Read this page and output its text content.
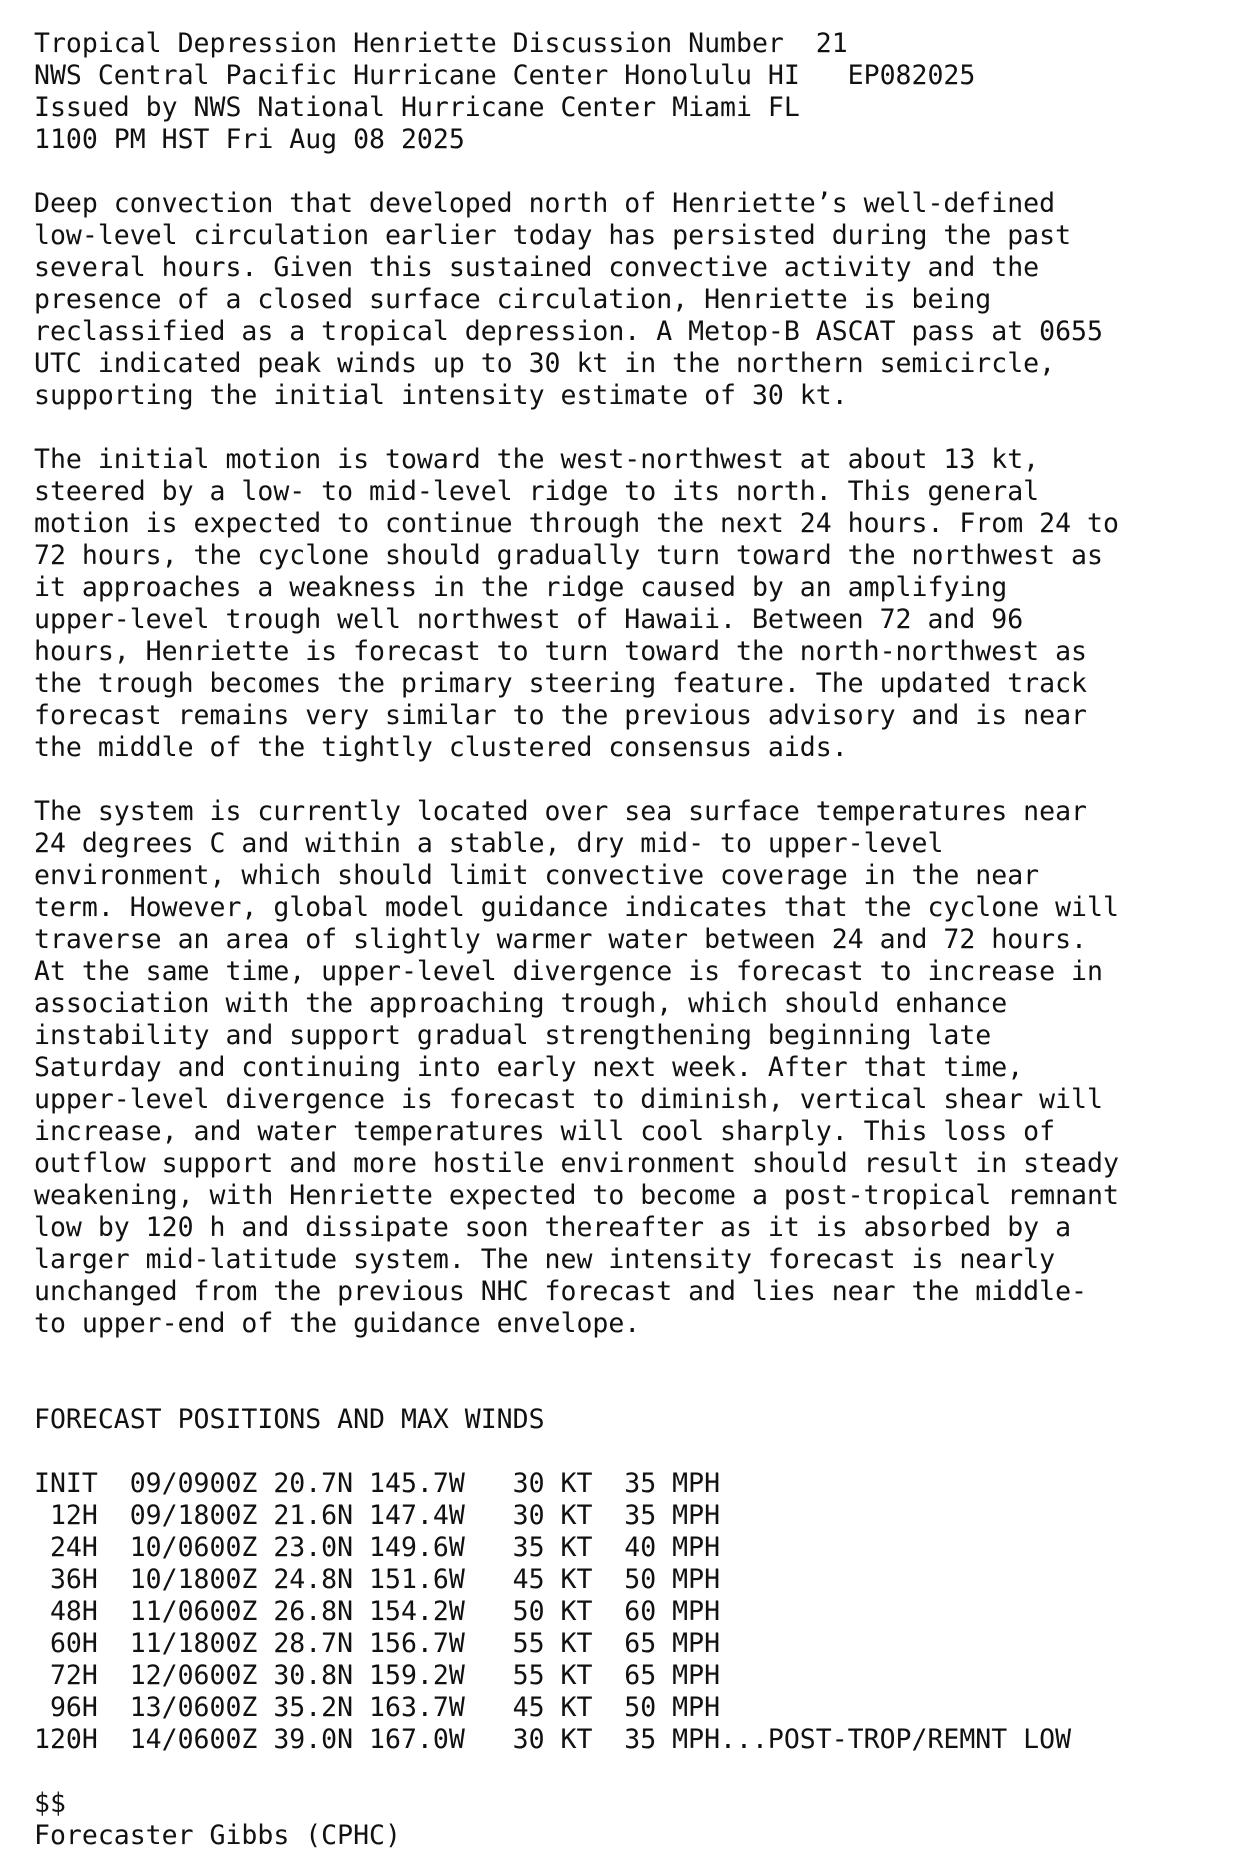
Tropical Depression Henriette Discussion Number  21
NWS Central Pacific Hurricane Center Honolulu HI   EP082025
Issued by NWS National Hurricane Center Miami FL
1100 PM HST Fri Aug 08 2025
Deep convection that developed north of Henriette’s well-defined
low-level circulation earlier today has persisted during the past
several hours. Given this sustained convective activity and the
presence of a closed surface circulation, Henriette is being
reclassified as a tropical depression. A Metop-B ASCAT pass at 0655
UTC indicated peak winds up to 30 kt in the northern semicircle,
supporting the initial intensity estimate of 30 kt.
The initial motion is toward the west-northwest at about 13 kt,
steered by a low- to mid-level ridge to its north. This general
motion is expected to continue through the next 24 hours. From 24 to
72 hours, the cyclone should gradually turn toward the northwest as
it approaches a weakness in the ridge caused by an amplifying
upper-level trough well northwest of Hawaii. Between 72 and 96
hours, Henriette is forecast to turn toward the north-northwest as
the trough becomes the primary steering feature. The updated track
forecast remains very similar to the previous advisory and is near
the middle of the tightly clustered consensus aids.
The system is currently located over sea surface temperatures near
24 degrees C and within a stable, dry mid- to upper-level
environment, which should limit convective coverage in the near
term. However, global model guidance indicates that the cyclone will
traverse an area of slightly warmer water between 24 and 72 hours.
At the same time, upper-level divergence is forecast to increase in
association with the approaching trough, which should enhance
instability and support gradual strengthening beginning late
Saturday and continuing into early next week. After that time,
upper-level divergence is forecast to diminish, vertical shear will
increase, and water temperatures will cool sharply. This loss of
outflow support and more hostile environment should result in steady
weakening, with Henriette expected to become a post-tropical remnant
low by 120 h and dissipate soon thereafter as it is absorbed by a
larger mid-latitude system. The new intensity forecast is nearly
unchanged from the previous NHC forecast and lies near the middle-
to upper-end of the guidance envelope.
FORECAST POSITIONS AND MAX WINDS
INIT  09/0900Z 20.7N 145.7W   30 KT  35 MPH
12H  09/1800Z 21.6N 147.4W   30 KT  35 MPH
24H  10/0600Z 23.0N 149.6W   35 KT  40 MPH
36H  10/1800Z 24.8N 151.6W   45 KT  50 MPH
48H  11/0600Z 26.8N 154.2W   50 KT  60 MPH
60H  11/1800Z 28.7N 156.7W   55 KT  65 MPH
72H  12/0600Z 30.8N 159.2W   55 KT  65 MPH
96H  13/0600Z 35.2N 163.7W   45 KT  50 MPH
120H  14/0600Z 39.0N 167.0W   30 KT  35 MPH...POST-TROP/REMNT LOW
$$
Forecaster Gibbs (CPHC)
